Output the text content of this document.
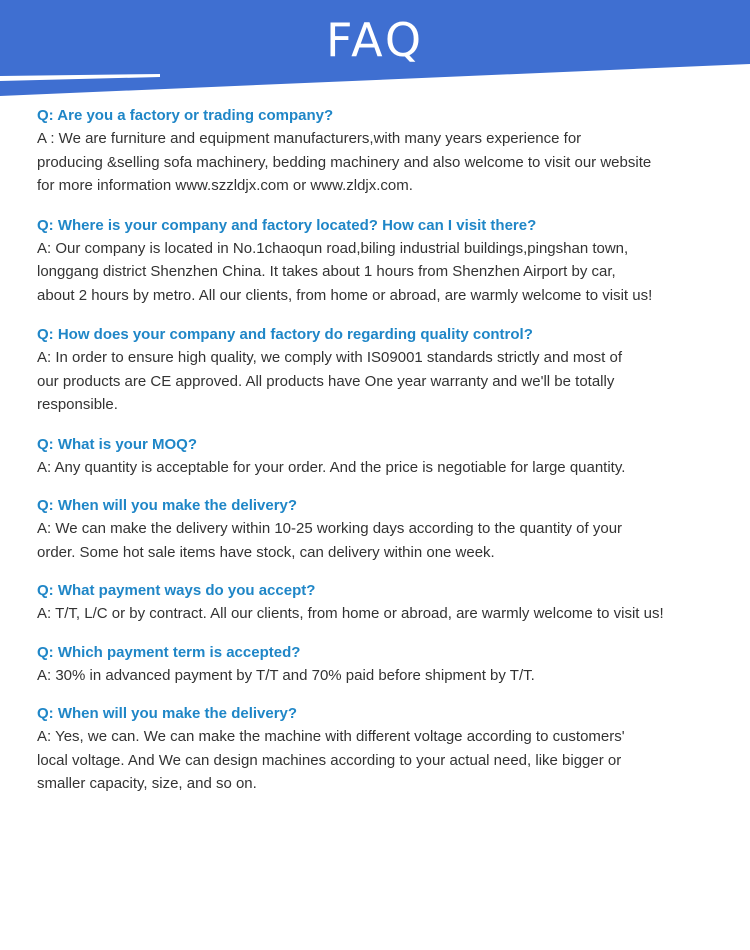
FAQ

Q: Are you a factory or trading company?

A : We are furniture and equipment manufacturers,with many years experience for
producing &selling sofa machinery, bedding machinery and also welcome to visit our website
for more information www.szzldjx.com or www.zldjx.com.

Q: Where is your company and factory located? How can I visit there?

A: Our company is located in No.1chaoqun road,biling industrial buildings,pingshan town,
longgang district Shenzhen China. It takes about 1 hours from Shenzhen Airport by car,
about 2 hours by metro. All our clients, from home or abroad, are warmly welcome to visit us!

Q: How does your company and factory do regarding quality control?

A: In order to ensure high quality, we comply with IS09001 standards strictly and most of
our products are CE approved. All products have One year warranty and we'll be totally
responsible.

Q: What is your MOQ?

A: Any quantity is acceptable for your order. And the price is negotiable for large quantity.

Q: When will you make the delivery?

A: We can make the delivery within 10-25 working days according to the quantity of your
order. Some hot sale items have stock, can delivery within one week.

Q: What payment ways do you accept?

A: T/T, L/C or by contract. All our clients, from home or abroad, are warmly welcome to visit us!

Q: Which payment term is accepted?

A: 30% in advanced payment by T/T and 70% paid before shipment by T/T.

Q: When will you make the delivery?

A: Yes, we can. We can make the machine with different voltage according to customers'
local voltage. And We can design machines according to your actual need, like bigger or
smaller capacity, size, and so on.
